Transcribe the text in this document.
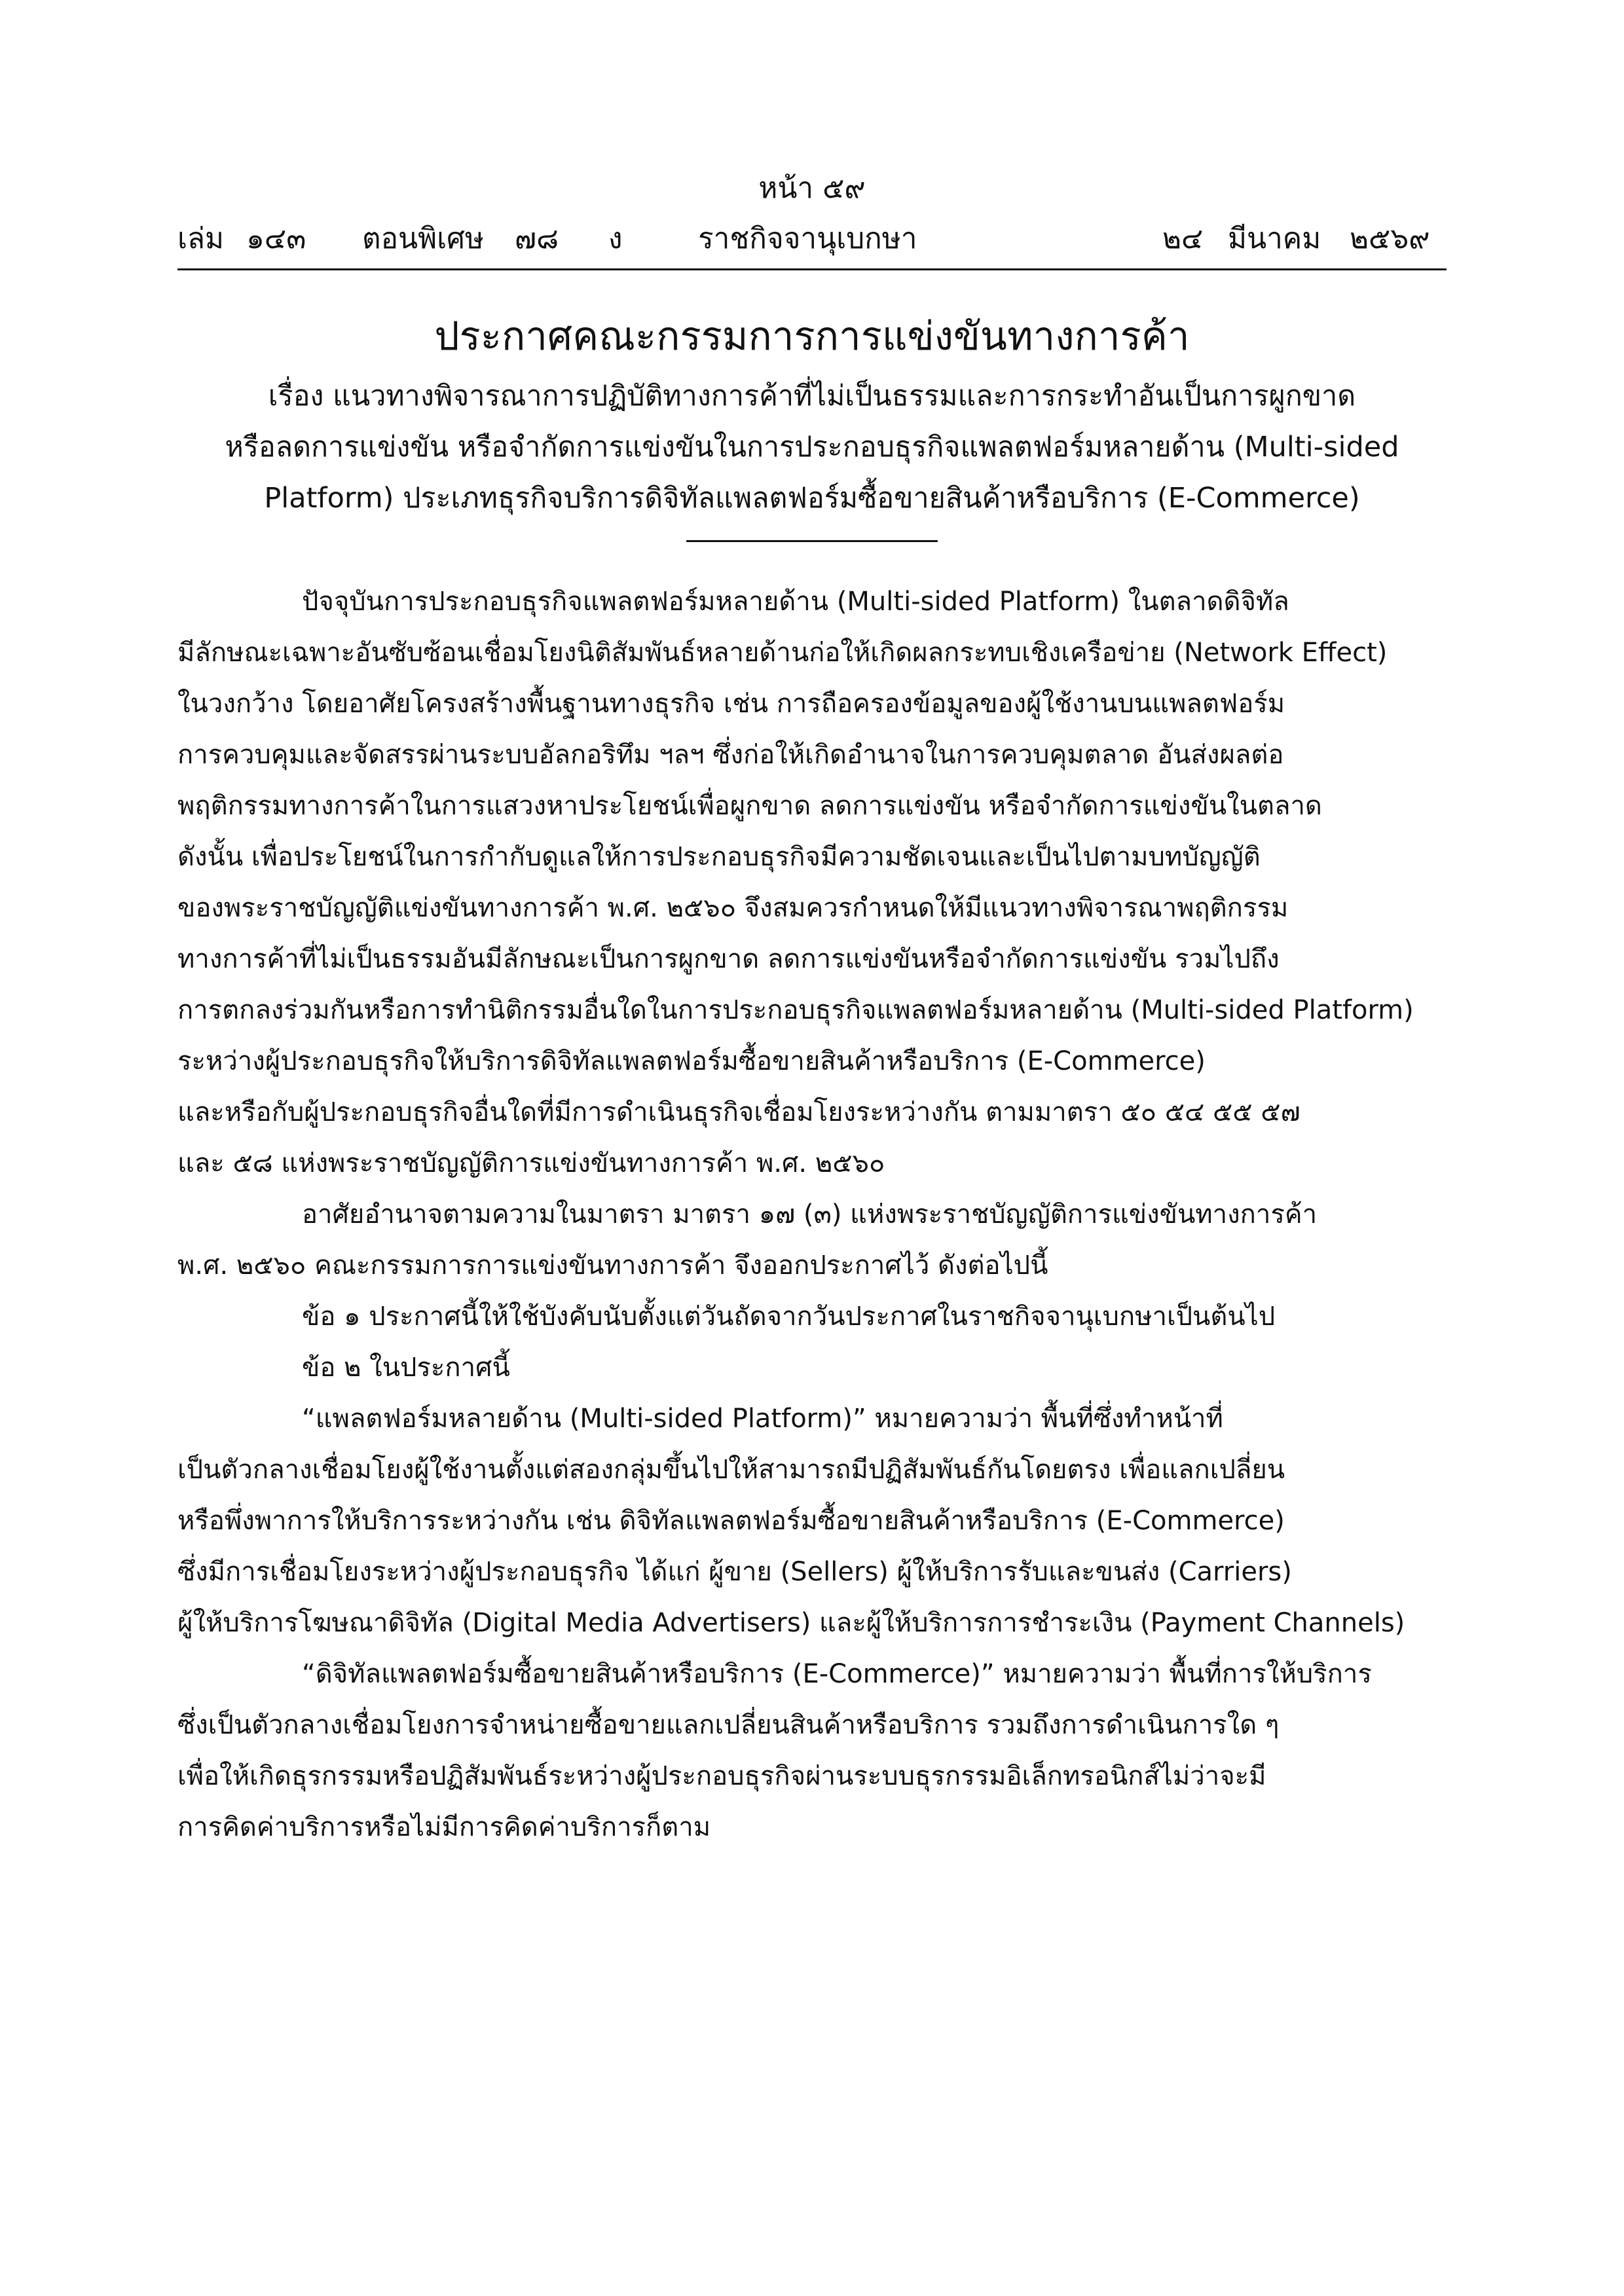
หน้า ๕๙
เล่ม ๑๔๓ ตอนพิเศษ ๗๘ ง	ราชกิจจานุเบกษา	๒๔ มีนาคม ๒๕๖๙
ประกาศคณะกรรมการการแข่งขันทางการค้า
เรื่อง แนวทางพิจารณาการปฏิบัติทางการค้าที่ไม่เป็นธรรมและการกระทำอันเป็นการผูกขาด
หรือลดการแข่งขัน หรือจำกัดการแข่งขันในการประกอบธุรกิจแพลตฟอร์มหลายด้าน (Multi-sided
Platform) ประเภทธุรกิจบริการดิจิทัลแพลตฟอร์มซื้อขายสินค้าหรือบริการ (E-Commerce)
ปัจจุบันการประกอบธุรกิจแพลตฟอร์มหลายด้าน (Multi-sided Platform) ในตลาดดิจิทัล
มีลักษณะเฉพาะอันซับซ้อนเชื่อมโยงนิติสัมพันธ์หลายด้านก่อให้เกิดผลกระทบเชิงเครือข่าย (Network Effect)
ในวงกว้าง โดยอาศัยโครงสร้างพื้นฐานทางธุรกิจ เช่น การถือครองข้อมูลของผู้ใช้งานบนแพลตฟอร์ม
การควบคุมและจัดสรรผ่านระบบอัลกอริทึม ฯลฯ ซึ่งก่อให้เกิดอำนาจในการควบคุมตลาด อันส่งผลต่อ
พฤติกรรมทางการค้าในการแสวงหาประโยชน์เพื่อผูกขาด ลดการแข่งขัน หรือจำกัดการแข่งขันในตลาด
ดังนั้น เพื่อประโยชน์ในการกำกับดูแลให้การประกอบธุรกิจมีความชัดเจนและเป็นไปตามบทบัญญัติ
ของพระราชบัญญัติแข่งขันทางการค้า พ.ศ. ๒๕๖๐ จึงสมควรกำหนดให้มีแนวทางพิจารณาพฤติกรรม
ทางการค้าที่ไม่เป็นธรรมอันมีลักษณะเป็นการผูกขาด ลดการแข่งขันหรือจำกัดการแข่งขัน รวมไปถึง
การตกลงร่วมกันหรือการทำนิติกรรมอื่นใดในการประกอบธุรกิจแพลตฟอร์มหลายด้าน (Multi-sided Platform)
ระหว่างผู้ประกอบธุรกิจให้บริการดิจิทัลแพลตฟอร์มซื้อขายสินค้าหรือบริการ (E-Commerce)
และหรือกับผู้ประกอบธุรกิจอื่นใดที่มีการดำเนินธุรกิจเชื่อมโยงระหว่างกัน ตามมาตรา ๕๐ ๕๔ ๕๕ ๕๗
และ ๕๘ แห่งพระราชบัญญัติการแข่งขันทางการค้า พ.ศ. ๒๕๖๐
อาศัยอำนาจตามความในมาตรา มาตรา ๑๗ (๓) แห่งพระราชบัญญัติการแข่งขันทางการค้า
พ.ศ. ๒๕๖๐ คณะกรรมการการแข่งขันทางการค้า จึงออกประกาศไว้ ดังต่อไปนี้
ข้อ ๑ ประกาศนี้ให้ใช้บังคับนับตั้งแต่วันถัดจากวันประกาศในราชกิจจานุเบกษาเป็นต้นไป
ข้อ ๒ ในประกาศนี้
“แพลตฟอร์มหลายด้าน (Multi-sided Platform)” หมายความว่า พื้นที่ซึ่งทำหน้าที่
เป็นตัวกลางเชื่อมโยงผู้ใช้งานตั้งแต่สองกลุ่มขึ้นไปให้สามารถมีปฏิสัมพันธ์กันโดยตรง เพื่อแลกเปลี่ยน
หรือพึ่งพาการให้บริการระหว่างกัน เช่น ดิจิทัลแพลตฟอร์มซื้อขายสินค้าหรือบริการ (E-Commerce)
ซึ่งมีการเชื่อมโยงระหว่างผู้ประกอบธุรกิจ ได้แก่ ผู้ขาย (Sellers) ผู้ให้บริการรับและขนส่ง (Carriers)
ผู้ให้บริการโฆษณาดิจิทัล (Digital Media Advertisers) และผู้ให้บริการการชำระเงิน (Payment Channels)
“ดิจิทัลแพลตฟอร์มซื้อขายสินค้าหรือบริการ (E-Commerce)” หมายความว่า พื้นที่การให้บริการ
ซึ่งเป็นตัวกลางเชื่อมโยงการจำหน่ายซื้อขายแลกเปลี่ยนสินค้าหรือบริการ รวมถึงการดำเนินการใด ๆ
เพื่อให้เกิดธุรกรรมหรือปฏิสัมพันธ์ระหว่างผู้ประกอบธุรกิจผ่านระบบธุรกรรมอิเล็กทรอนิกส์ไม่ว่าจะมี
การคิดค่าบริการหรือไม่มีการคิดค่าบริการก็ตาม
